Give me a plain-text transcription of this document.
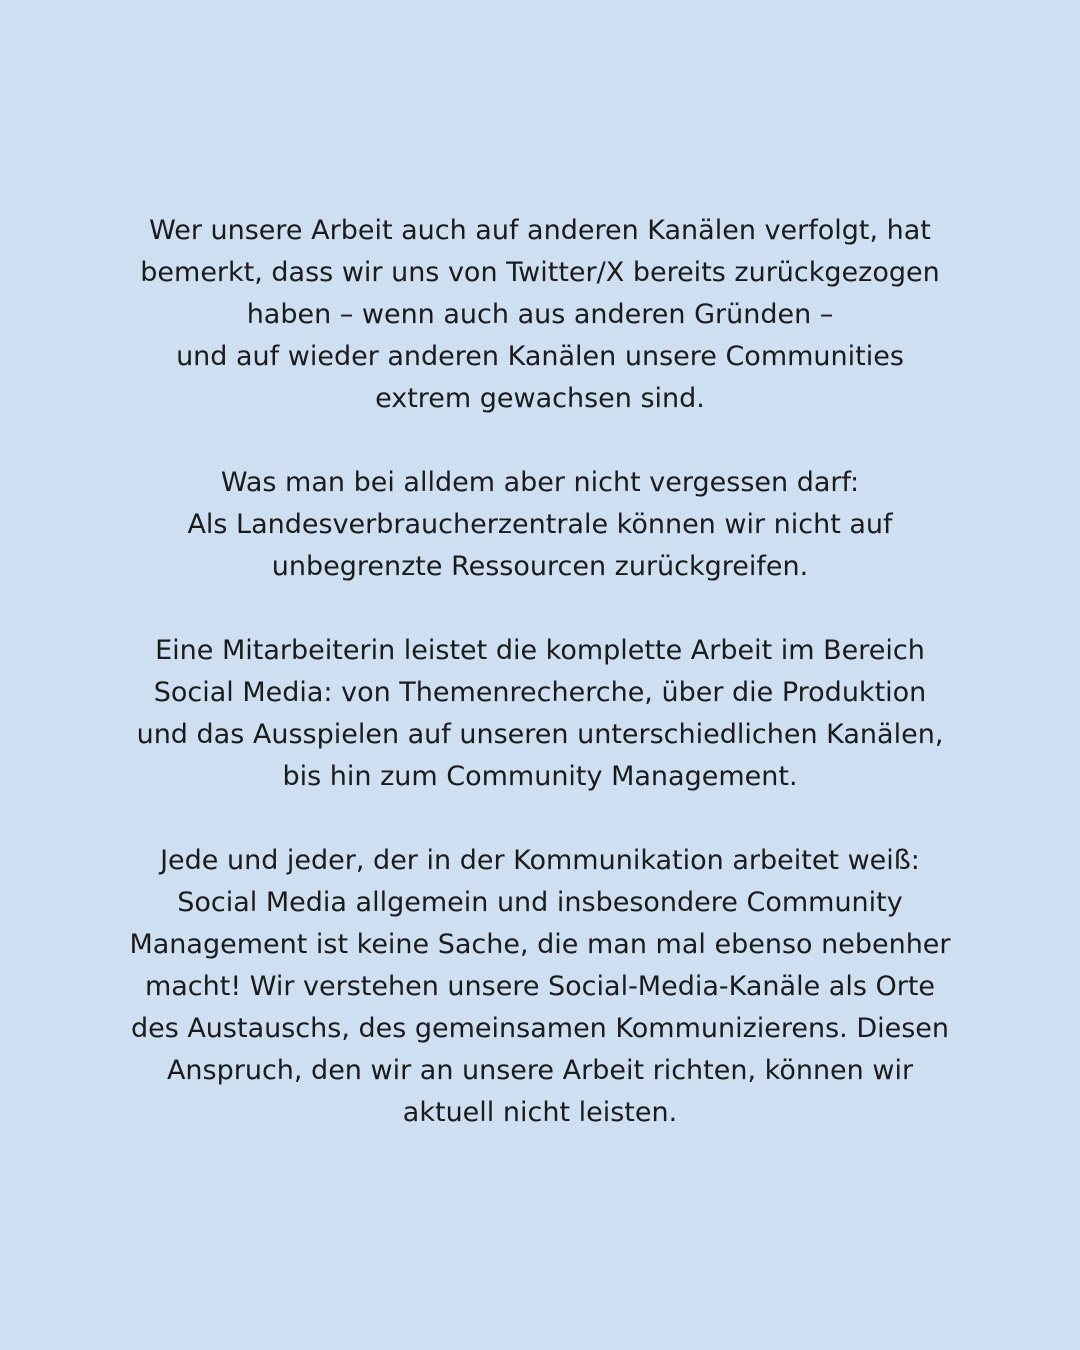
Wer unsere Arbeit auch auf anderen Kanälen verfolgt, hat
bemerkt, dass wir uns von Twitter/X bereits zurückgezogen
haben – wenn auch aus anderen Gründen –
und auf wieder anderen Kanälen unsere Communities
extrem gewachsen sind.

Was man bei alldem aber nicht vergessen darf:
Als Landesverbraucherzentrale können wir nicht auf
unbegrenzte Ressourcen zurückgreifen.

Eine Mitarbeiterin leistet die komplette Arbeit im Bereich
Social Media: von Themenrecherche, über die Produktion
und das Ausspielen auf unseren unterschiedlichen Kanälen,
bis hin zum Community Management.

Jede und jeder, der in der Kommunikation arbeitet weiß:
Social Media allgemein und insbesondere Community
Management ist keine Sache, die man mal ebenso nebenher
macht! Wir verstehen unsere Social-Media-Kanäle als Orte
des Austauschs, des gemeinsamen Kommunizierens. Diesen
Anspruch, den wir an unsere Arbeit richten, können wir
aktuell nicht leisten.
